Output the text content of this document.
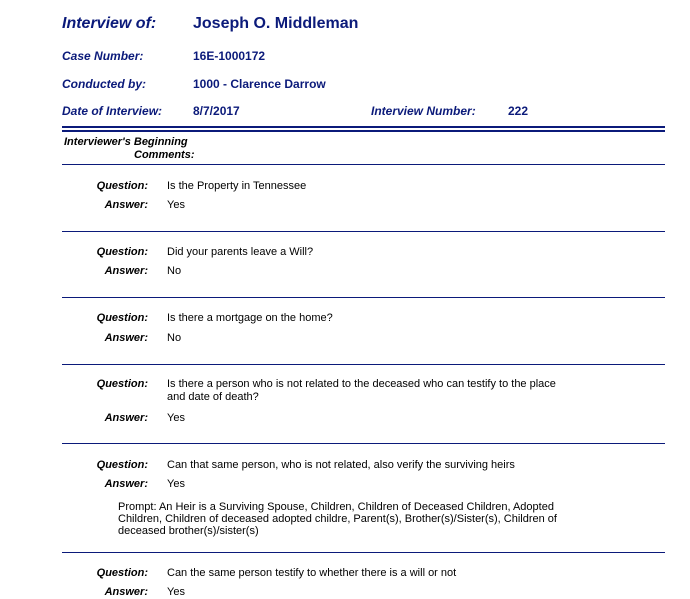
Interview of: Joseph O. Middleman
Case Number:	16E-1000172
Conducted by:	1000 - Clarence Darrow
Date of Interview:	8/7/2017	Interview Number:	222
Interviewer's Beginning
Comments:
Question: Is the Property in Tennessee
Answer: Yes
Question: Did your parents leave a Will?
Answer: No
Question: Is there a mortgage on the home?
Answer: No
Question: Is there a person who is not related to the deceased who can testify to the place and date of death?
Answer: Yes
Question: Can that same person, who is not related, also verify the surviving heirs
Answer: Yes
Prompt: An Heir is a Surviving Spouse, Children, Children of Deceased Children, Adopted Children, Children of deceased adopted childre, Parent(s), Brother(s)/Sister(s), Children of deceased brother(s)/sister(s)
Question: Can the same person testify to whether there is a will or not
Answer: Yes
